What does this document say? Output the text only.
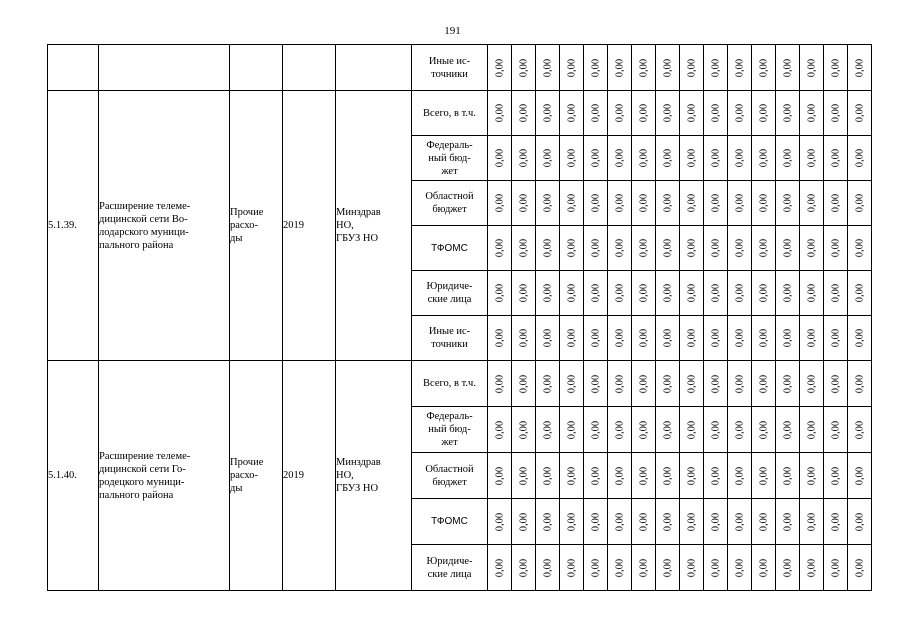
191
					Иные ис-
точники	0,00	0,00	0,00	0,00	0,00	0,00	0,00	0,00	0,00	0,00	0,00	0,00	0,00	0,00	0,00	0,00

5.1.39.	Расширение телеме-
дицинской сети Во-
лодарского муници-
пального района	Прочие
расхо-
ды	2019	Минздрав
НО,
ГБУЗ НО	Всего, в т.ч.	0,00	0,00	0,00	0,00	0,00	0,00	0,00	0,00	0,00	0,00	0,00	0,00	0,00	0,00	0,00	0,00

					Федераль-
ный бюд-
жет	0,00	0,00	0,00	0,00	0,00	0,00	0,00	0,00	0,00	0,00	0,00	0,00	0,00	0,00	0,00	0,00

					Областной
бюджет	0,00	0,00	0,00	0,00	0,00	0,00	0,00	0,00	0,00	0,00	0,00	0,00	0,00	0,00	0,00	0,00

					ТФОМС	0,00	0,00	0,00	0,00	0,00	0,00	0,00	0,00	0,00	0,00	0,00	0,00	0,00	0,00	0,00	0,00

					Юридиче-
ские лица	0,00	0,00	0,00	0,00	0,00	0,00	0,00	0,00	0,00	0,00	0,00	0,00	0,00	0,00	0,00	0,00

					Иные ис-
точники	0,00	0,00	0,00	0,00	0,00	0,00	0,00	0,00	0,00	0,00	0,00	0,00	0,00	0,00	0,00	0,00

5.1.40.	Расширение телеме-
дицинской сети Го-
родецкого муници-
пального района	Прочие
расхо-
ды	2019	Минздрав
НО,
ГБУЗ НО	Всего, в т.ч.	0,00	0,00	0,00	0,00	0,00	0,00	0,00	0,00	0,00	0,00	0,00	0,00	0,00	0,00	0,00	0,00

					Федераль-
ный бюд-
жет	0,00	0,00	0,00	0,00	0,00	0,00	0,00	0,00	0,00	0,00	0,00	0,00	0,00	0,00	0,00	0,00

					Областной
бюджет	0,00	0,00	0,00	0,00	0,00	0,00	0,00	0,00	0,00	0,00	0,00	0,00	0,00	0,00	0,00	0,00

					ТФОМС	0,00	0,00	0,00	0,00	0,00	0,00	0,00	0,00	0,00	0,00	0,00	0,00	0,00	0,00	0,00	0,00

					Юридиче-
ские лица	0,00	0,00	0,00	0,00	0,00	0,00	0,00	0,00	0,00	0,00	0,00	0,00	0,00	0,00	0,00	0,00
